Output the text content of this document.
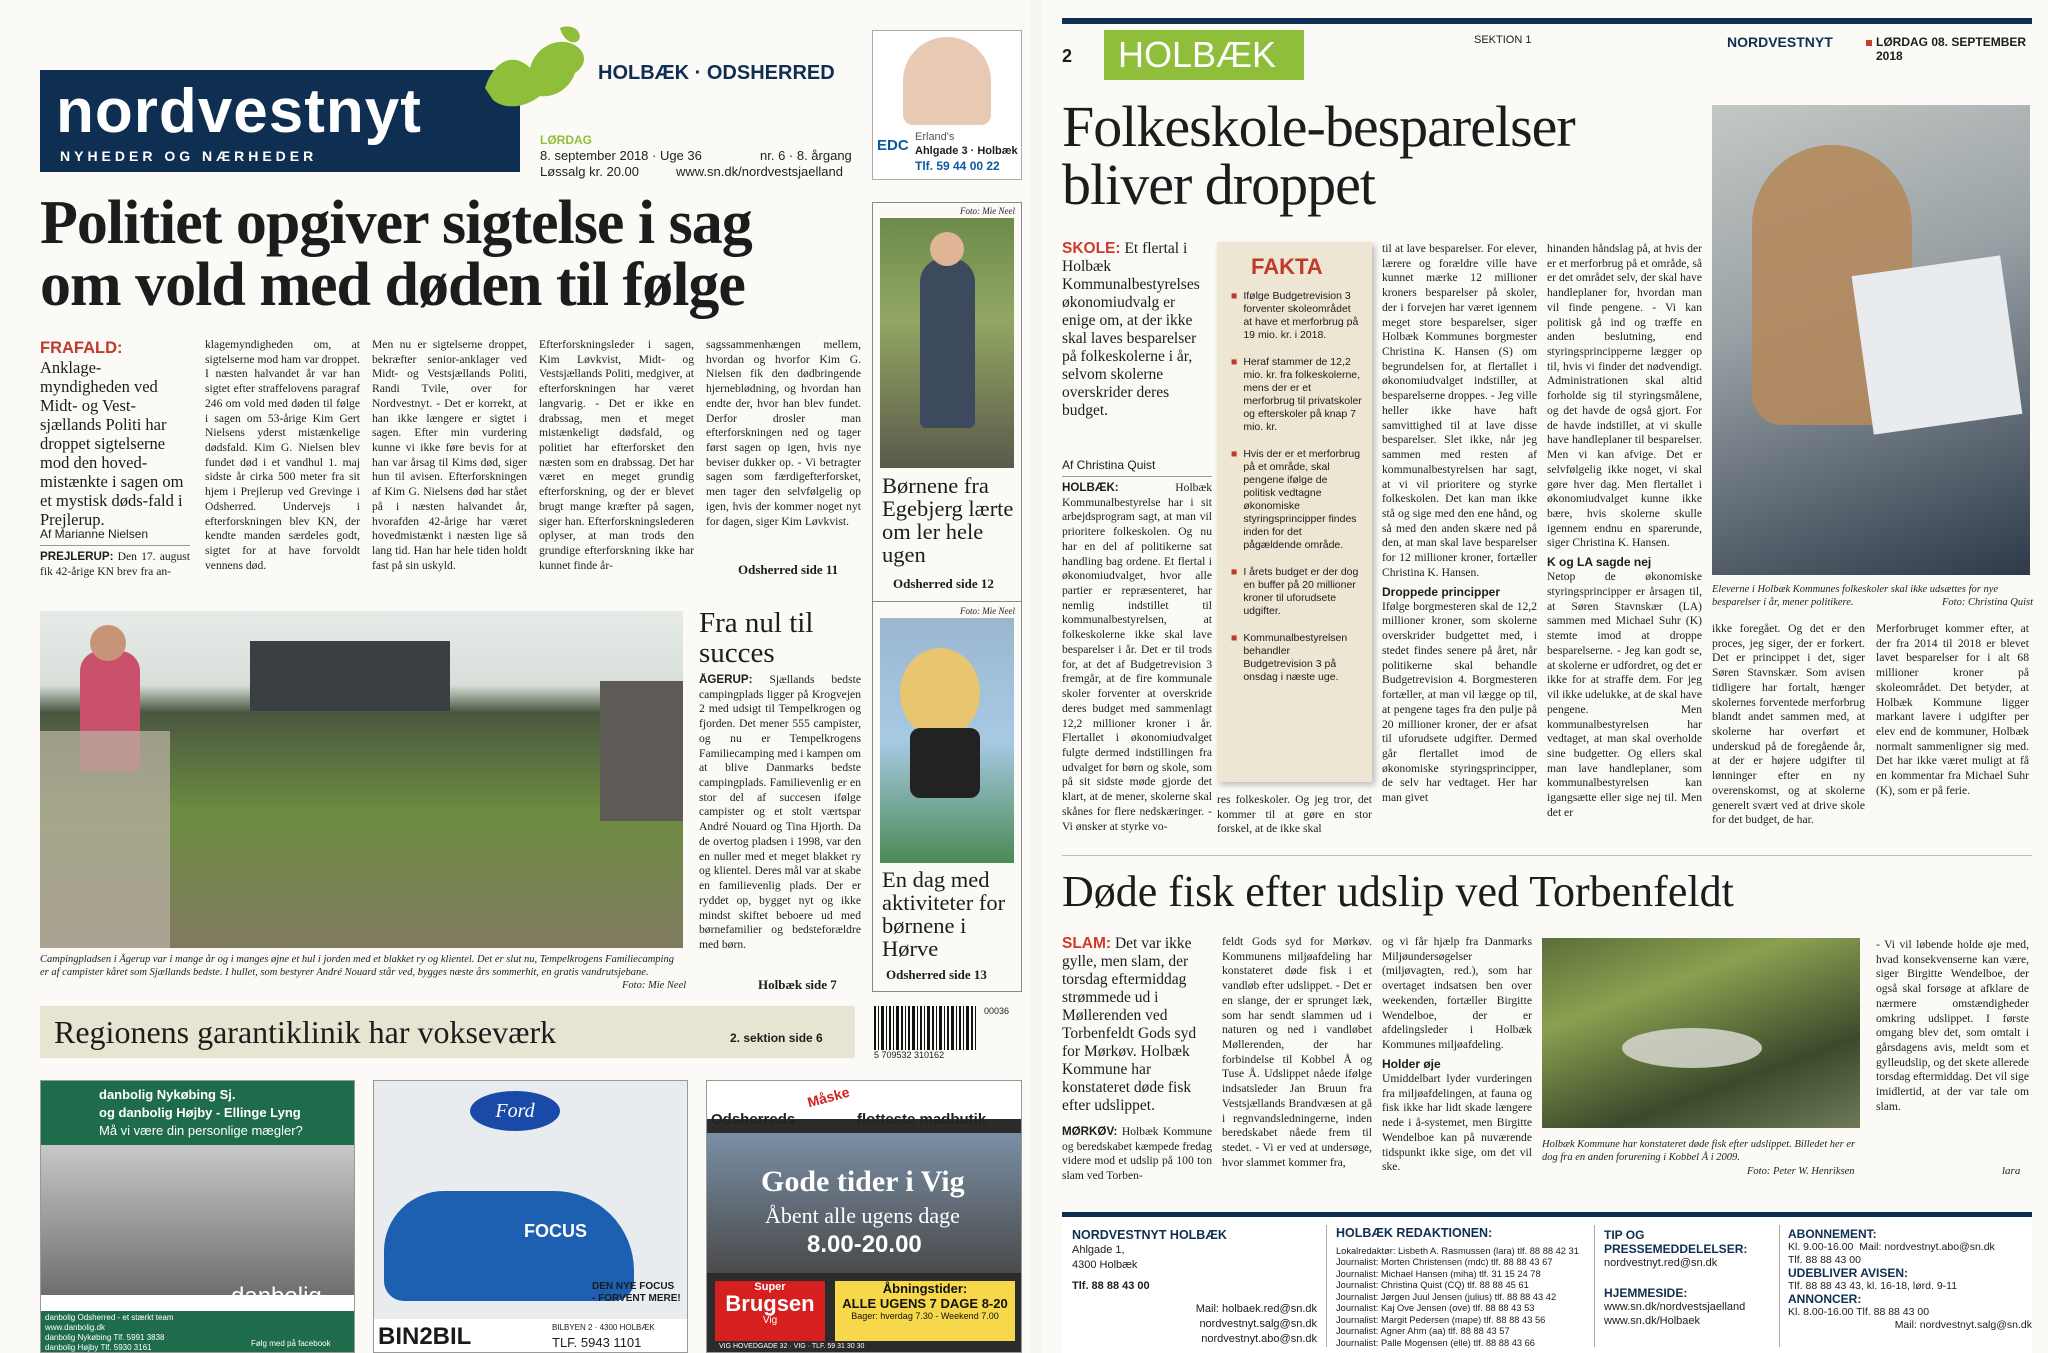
nordvestnyt
NYHEDER OG NÆRHEDER
HOLBÆK · ODSHERRED
LØRDAG
8. september 2018 · Uge 36	nr. 6 · 8. årgang
Løssalg kr. 20.00	www.sn.dk/nordvestsjaelland
EDC Erland's
Ahlgade 3 · Holbæk
Tlf. 59 44 00 22
Politiet opgiver sigtelse i sag
om vold med døden til følge
FRAFALD: Anklage-myndigheden ved Midt- og Vest-sjællands Politi har droppet sigtelserne mod den hoved-mistænkte i sagen om et mystisk døds-fald i Prejlerup.
Af Marianne Nielsen
PREJLERUP: Den 17. august fik 42-årige KN brev fra an-
klagemyndigheden om, at sigtelserne mod ham var droppet. I næsten halvandet år var han sigtet efter straffelovens paragraf 246 om vold med døden til følge i sagen om 53-årige Kim Gert Nielsens yderst mistænkelige dødsfald. Kim G. Nielsen blev fundet død i et vandhul 1. maj sidste år cirka 500 meter fra sit hjem i Prejlerup ved Grevinge i Odsherred. Undervejs i efterforskningen blev KN, der kendte manden særdeles godt, sigtet for at have forvoldt vennens død.
Men nu er sigtelserne droppet, bekræfter senior-anklager ved Midt- og Vestsjællands Politi, Randi Tvile, over for Nordvestnyt. - Det er korrekt, at han ikke længere er sigtet i sagen. Efter min vurdering kunne vi ikke føre bevis for at han var årsag til Kims død, siger hun til avisen. Efterforskningen af Kim G. Nielsens død har stået på i næsten halvandet år, hvorafden 42-årige har været hovedmistænkt i næsten lige så lang tid. Han har hele tiden holdt fast på sin uskyld.
Efterforskningsleder i sagen, Kim Løvkvist, Midt- og Vestsjællands Politi, medgiver, at efterforskningen har været langvarig. - Det er ikke en drabssag, men et meget mistænkeligt dødsfald, og politiet har efterforsket den næsten som en drabssag. Det har været en meget grundig efterforskning, og der er blevet brugt mange kræfter på sagen, siger han. Efterforskningslederen oplyser, at man trods den grundige efterforskning ikke har kunnet finde år-
sagssammenhængen mellem, hvordan og hvorfor Kim G. Nielsen fik den dødbringende hjerneblødning, og hvordan han endte der, hvor han blev fundet. Derfor drosler man efterforskningen ned og tager først sagen op igen, hvis nye beviser dukker op. - Vi betragter sagen som færdigefterforsket, men tager den selvfølgelig op igen, hvis der kommer noget nyt for dagen, siger Kim Løvkvist.
Odsherred side 11
Foto: Mie Neel
Børnene fra Egebjerg lærte om ler hele ugen
Odsherred side 12
Foto: Mie Neel
En dag med aktiviteter for børnene i Hørve
Odsherred side 13
Campingpladsen i Ågerup var i mange år og i manges øjne et hul i jorden med et blakket ry og klientel. Det er slut nu, Tempelkrogens Familiecamping er af campister kåret som Sjællands bedste. I hullet, som bestyrer André Nouard står ved, bygges næste års sommerhit, en gratis vandrutsjebane.
Foto: Mie Neel
Fra nul til succes
ÅGERUP: Sjællands bedste campingplads ligger på Krogvejen 2 med udsigt til Tempelkrogen og fjorden. Det mener 555 campister, og nu er Tempelkrogens Familiecamping med i kampen om at blive Danmarks bedste campingplads. Familievenlig er en stor del af succesen ifølge campister og et stolt værtspar André Nouard og Tina Hjorth. Da de overtog pladsen i 1998, var den en nuller med et meget blakket ry og klientel. Deres mål var at skabe en familievenlig plads. Der er ryddet op, bygget nyt og ikke mindst skiftet beboere ud med børnefamilier og bedsteforældre med børn.
Holbæk side 7
Regionens garantiklinik har vokseværk	2. sektion side 6
00036
5 709532 310162
danbolig Nykøbing Sj.
og danbolig Højby - Ellinge Lyng
Må vi være din personlige mægler?
danbolig
danbolig Odsherred - et stærkt team
www.danbolig.dk
danbolig Nykøbing Tlf. 5991 3838
danbolig Højby Tlf. 5930 3161	Følg med på facebook
Ford
FOCUS
DEN NYE FOCUS
- FORVENT MERE!
BIN2BIL	BILBYEN 2 · 4300 HOLBÆK
TLF. 5943 1101
Odsherreds
Måske
flotteste madbutik
Gode tider i Vig
Åbent alle ugens dage
8.00-20.00
Super
Brugsen
Vig
Åbningstider:
ALLE UGENS 7 DAGE 8-20
Bager: hverdag 7.30 - Weekend 7.00
VIG HOVEDGADE 32 · VIG · TLF. 59 31 30 30
2	HOLBÆK	SEKTION 1	NORDVESTNYT	LØRDAG 08. SEPTEMBER 2018
Folkeskole-besparelser
bliver droppet
SKOLE: Et flertal i Holbæk Kommunalbestyrelses økonomiudvalg er enige om, at der ikke skal laves besparelser på folkeskolerne i år, selvom skolerne overskrider deres budget.
Af Christina Quist
HOLBÆK:	Holbæk Kommunalbestyrelse har i sit arbejdsprogram sagt, at man vil prioritere folkeskolen. Og nu har en del af politikerne sat handling bag ordene. Et flertal i økonomiudvalget, hvor alle partier er repræsenteret, har nemlig indstillet til kommunalbestyrelsen, at folkeskolerne ikke skal lave besparelser i år. Det er til trods for, at det af Budgetrevision 3 fremgår, at de fire kommunale skoler forventer at overskride deres budget med sammenlagt 12,2 millioner kroner i år. Flertallet i økonomiudvalget fulgte dermed indstillingen fra udvalget for børn og skole, som på sit sidste møde gjorde det klart, at de mener, skolerne skal skånes for flere nedskæringer. - Vi ønsker at styrke vo-
FAKTA
■ Ifølge Budgetrevision 3 forventer skoleområdet at have et merforbrug på 19 mio. kr. i 2018.
■ Heraf stammer de 12,2 mio. kr. fra folkeskolerne, mens der er et merforbrug til privatskoler og efterskoler på knap 7 mio. kr.
■ Hvis der er et merforbrug på et område, skal pengene ifølge de politisk vedtagne økonomiske styringsprincipper findes inden for det pågældende område.
■ I årets budget er der dog en buffer på 20 millioner kroner til uforudsete udgifter.
■ Kommunalbestyrelsen behandler Budgetrevision 3 på onsdag i næste uge.
res folkeskoler. Og jeg tror, det kommer til at gøre en stor forskel, at de ikke skal

til at lave besparelser. For elever, lærere og forældre ville have kunnet mærke 12 millioner kroners besparelser på skoler, der i forvejen har været igennem meget store besparelser, siger Holbæk Kommunes borgmester Christina K. Hansen (S) om begrundelsen for, at flertallet i økonomiudvalget indstiller, at besparelserne droppes. - Jeg ville heller ikke have haft samvittighed til at lave disse besparelser. Slet ikke, når jeg sammen med resten af kommunalbestyrelsen har sagt, at vi vil prioritere og styrke folkeskolen. Det kan man ikke stå og sige med den ene hånd, og så med den anden skære ned på den, at man skal lave besparelser for 12 millioner kroner, fortæller Christina K. Hansen.

Droppede principper

Ifølge borgmesteren skal de 12,2 millioner kroner, som skolerne overskrider budgettet med, i stedet findes senere på året, når politikerne skal behandle Budgetrevision 4. Borgmesteren fortæller, at man vil lægge op til, at pengene tages fra den pulje på 20 millioner kroner, der er afsat til uforudsete udgifter. Dermed går flertallet imod de økonomiske styringsprincipper, de selv har vedtaget. Her har man givet

hinanden håndslag på, at hvis der er et merforbrug på et område, så er det området selv, der skal have handleplaner for, hvordan man vil finde pengene. - Vi kan politisk gå ind og træffe en anden beslutning, end styringsprincipperne lægger op til, hvis vi finder det nødvendigt. Administrationen skal altid forholde sig til styringsmålene, og det havde de også gjort. For de havde indstillet, at vi skulle have handleplaner til besparelser. Men vi kan afvige. Det er selvfølgelig ikke noget, vi skal gøre hver dag. Men flertallet i økonomiudvalget kunne ikke bære, hvis skolerne skulle igennem endnu en sparerunde, siger Christina K. Hansen.

K og LA sagde nej

Netop de økonomiske styringsprincipper er årsagen til, at Søren Stavnskær (LA) sammen med Michael Suhr (K) stemte imod at droppe besparelserne. - Jeg kan godt se, at skolerne er udfordret, og det er ikke for at straffe dem. For jeg vil ikke udelukke, at de skal have pengene. Men kommunalbestyrelsen har vedtaget, at man skal overholde sine budgetter. Og ellers skal man lave handleplaner, som kommunalbestyrelsen kan igangsætte eller sige nej til. Men det er

Eleverne i Holbæk Kommunes folkeskoler skal ikke udsættes for nye besparelser i år, mener politikere.	Foto: Christina Quist
ikke foregået. Og det er den proces, jeg siger, der er forkert. Det er princippet i det, siger Søren Stavnskær. Som avisen tidligere har fortalt, hænger skolernes forventede merforbrug blandt andet sammen med, at skolerne har overført et underskud på de foregående år, at der er højere udgifter til lønninger efter en ny overenskomst, og at skolerne generelt svært ved at drive skole for det budget, de har.
Merforbruget kommer efter, at der fra 2014 til 2018 er blevet lavet besparelser for i alt 68 millioner kroner på skoleområdet. Det betyder, at Holbæk Kommune ligger markant lavere i udgifter per elev end de kommuner, Holbæk normalt sammenligner sig med. Det har ikke været muligt at få en kommentar fra Michael Suhr (K), som er på ferie.
Døde fisk efter udslip ved Torbenfeldt
SLAM: Det var ikke gylle, men slam, der torsdag eftermiddag strømmede ud i Møllerenden ved Torbenfeldt Gods syd for Mørkøv. Holbæk Kommune har konstateret døde fisk efter udslippet.
MØRKØV: Holbæk Kommune og beredskabet kæmpede fredag videre mod et udslip på 100 ton slam ved Torben-
feldt Gods syd for Mørkøv. Kommunens miljøafdeling har konstateret døde fisk i et vandløb efter udslippet. - Det er en slange, der er sprunget læk, som har sendt slammen ud i naturen og ned i vandløbet Møllerenden, der har forbindelse til Kobbel Å og Tuse Å. Udslippet nåede ifølge indsatsleder Jan Bruun fra Vestsjællands Brandvæsen at gå i regnvandsledningerne, inden beredskabet nåede frem til stedet. - Vi er ved at undersøge, hvor slammet kommer fra,

og vi får hjælp fra Danmarks Miljøundersøgelser (miljøvagten, red.), som har overtaget indsatsen ben over weekenden, fortæller Birgitte Wendelboe, der er afdelingsleder i Holbæk Kommunes miljøafdeling.

Holder øje

Umiddelbart lyder vurderingen fra miljøafdelingen, at fauna og fisk ikke har lidt skade længere nede i å-systemet, men Birgitte Wendelboe kan på nuværende tidspunkt ikke sige, om det vil ske.

Holbæk Kommune har konstateret døde fisk efter udslippet. Billedet her er dog fra en anden forurening i Kobbel Å i 2009.
Foto: Peter W. Henriksen
- Vi vil løbende holde øje med, hvad konsekvenserne kan være, siger Birgitte Wendelboe, der også skal forsøge at afklare de nærmere omstændigheder omkring udslippet. I første omgang blev det, som omtalt i gårsdagens avis, meldt som et gylleudslip, og det skete allerede torsdag eftermiddag. Det vil sige imidlertid, at der var tale om slam.
lara
NORDVESTNYT HOLBÆK
Ahlgade 1,
4300 Holbæk
Tlf. 88 88 43 00
Mail: holbaek.red@sn.dk
nordvestnyt.salg@sn.dk
nordvestnyt.abo@sn.dk
HOLBÆK REDAKTIONEN:
Lokalredaktør: Lisbeth A. Rasmussen (lara) tlf. 88 88 42 31
Journalist: Morten Christensen (mdc) tlf. 88 88 43 67
Journalist: Michael Hansen (miha) tlf. 31 15 24 78
Journalist: Christina Quist (CQ) tlf. 88 88 45 61
Journalist: Jørgen Juul Jensen (julius) tlf. 88 88 43 42
Journalist: Kaj Ove Jensen (ove) tlf. 88 88 43 53
Journalist: Margit Pedersen (mape) tlf. 88 88 43 56
Journalist: Agner Ahm (aa) tlf. 88 88 43 57
Journalist: Palle Mogensen (elle) tlf. 88 88 43 66
TIP OG PRESSEMEDDELELSER:
nordvestnyt.red@sn.dk
HJEMMESIDE:
www.sn.dk/nordvestsjaelland
www.sn.dk/Holbaek
ABONNEMENT:
Kl. 9.00-16.00 Mail: nordvestnyt.abo@sn.dk
Tlf. 88 88 43 00
UDEBLIVER AVISEN:
Tlf. 88 88 43 43, kl. 16-18, lørd. 9-11
ANNONCER:
Kl. 8.00-16.00 Tlf. 88 88 43 00
Mail: nordvestnyt.salg@sn.dk
